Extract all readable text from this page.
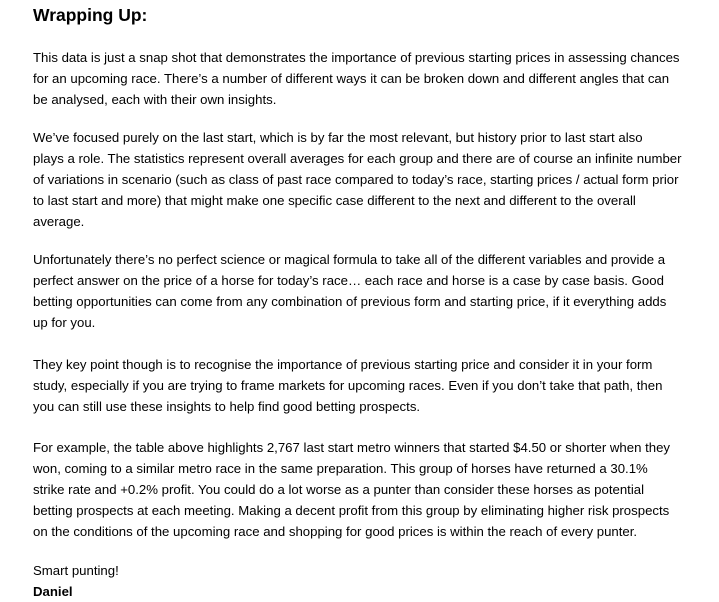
Wrapping Up:

This data is just a snap shot that demonstrates the importance of previous starting prices in assessing chances
for an upcoming race. There’s a number of different ways it can be broken down and different angles that can
be analysed, each with their own insights.

We’ve focused purely on the last start, which is by far the most relevant, but history prior to last start also
plays a role. The statistics represent overall averages for each group and there are of course an infinite number
of variations in scenario (such as class of past race compared to today’s race, starting prices / actual form prior
to last start and more) that might make one specific case different to the next and different to the overall
average.

Unfortunately there’s no perfect science or magical formula to take all of the different variables and provide a
perfect answer on the price of a horse for today’s race… each race and horse is a case by case basis. Good
betting opportunities can come from any combination of previous form and starting price, if it everything adds
up for you.

They key point though is to recognise the importance of previous starting price and consider it in your form
study, especially if you are trying to frame markets for upcoming races. Even if you don’t take that path, then
you can still use these insights to help find good betting prospects.

For example, the table above highlights 2,767 last start metro winners that started $4.50 or shorter when they
won, coming to a similar metro race in the same preparation. This group of horses have returned a 30.1%
strike rate and +0.2% profit. You could do a lot worse as a punter than consider these horses as potential
betting prospects at each meeting. Making a decent profit from this group by eliminating higher risk prospects
on the conditions of the upcoming race and shopping for good prices is within the reach of every punter.

Smart punting!
Daniel
